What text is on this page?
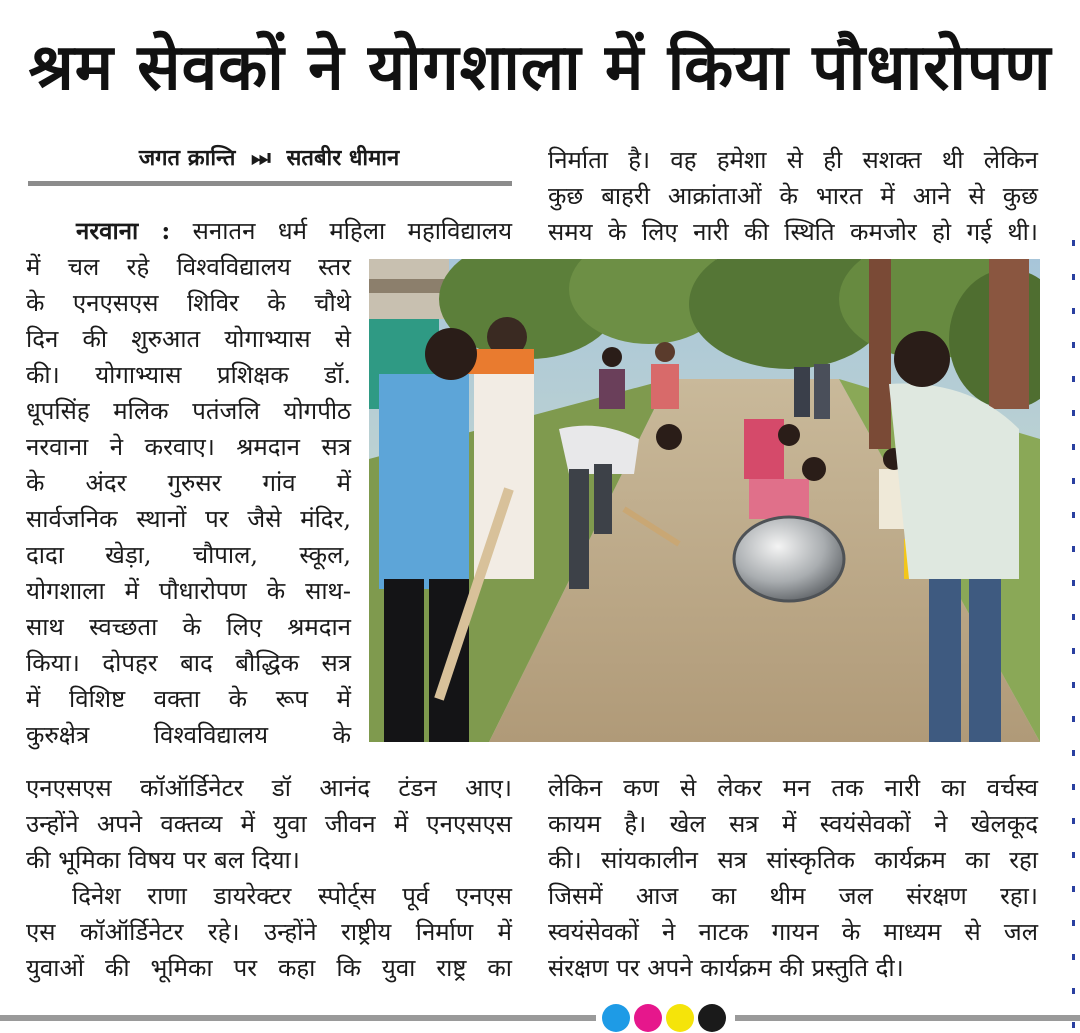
श्रम सेवकों ने योगशाला में किया पौधारोपण
जगत क्रान्ति ⏭ सतबीर धीमान
नरवाना : सनातन धर्म महिला महाविद्यालय
में चल रहे विश्वविद्यालय स्तर
के एनएसएस शिविर के चौथे
दिन की शुरुआत योगाभ्यास से
की। योगाभ्यास प्रशिक्षक डॉ.
धूपसिंह मलिक पतंजलि योगपीठ
नरवाना ने करवाए। श्रमदान सत्र
के अंदर गुरुसर गांव में
सार्वजनिक स्थानों पर जैसे मंदिर,
दादा खेड़ा, चौपाल, स्कूल,
योगशाला में पौधारोपण के साथ-
साथ स्वच्छता के लिए श्रमदान
किया। दोपहर बाद बौद्धिक सत्र
में विशिष्ट वक्ता के रूप में
कुरुक्षेत्र विश्वविद्यालय के
एनएसएस कॉऑर्डिनेटर डॉ आनंद टंडन आए।
उन्होंने अपने वक्तव्य में युवा जीवन में एनएसएस
की भूमिका विषय पर बल दिया।
दिनेश राणा डायरेक्टर स्पोर्ट्स पूर्व एनएस
एस कॉऑर्डिनेटर रहे। उन्होंने राष्ट्रीय निर्माण में
युवाओं की भूमिका पर कहा कि युवा राष्ट्र का
निर्माता है। वह हमेशा से ही सशक्त थी लेकिन
कुछ बाहरी आक्रांताओं के भारत में आने से कुछ
समय के लिए नारी की स्थिति कमजोर हो गई थी।
लेकिन कण से लेकर मन तक नारी का वर्चस्व
कायम है। खेल सत्र में स्वयंसेवकों ने खेलकूद
की। सांयकालीन सत्र सांस्कृतिक कार्यक्रम का रहा
जिसमें आज का थीम जल संरक्षण रहा।
स्वयंसेवकों ने नाटक गायन के माध्यम से जल
संरक्षण पर अपने कार्यक्रम की प्रस्तुति दी।
